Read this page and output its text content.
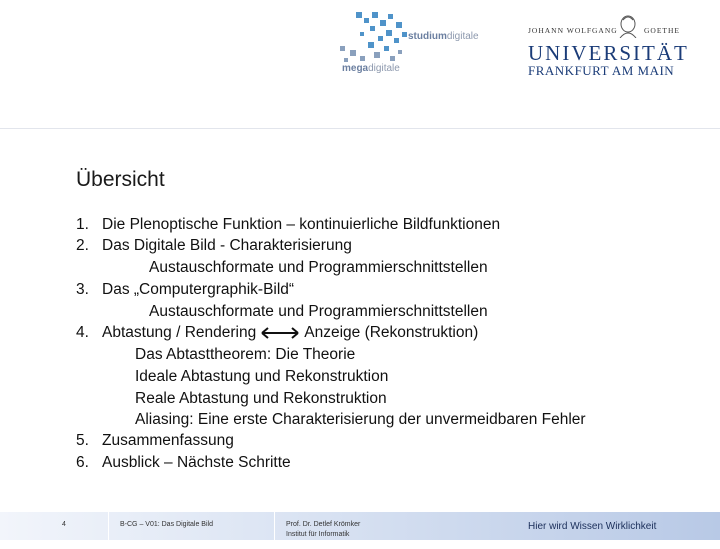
studiumdigitale
megadigitale
JOHANN WOLFGANG	GOETHE
UNIVERSITÄT
FRANKFURT AM MAIN
Übersicht
1. Die Plenoptische Funktion – kontinuierliche Bildfunktionen
2. Das Digitale Bild - Charakterisierung
Austauschformate und Programmierschnittstellen
3. Das „Computergraphik-Bild“
Austauschformate und Programmierschnittstellen
4. Abtastung / Rendering	Anzeige (Rekonstruktion)
Das Abtasttheorem: Die Theorie
Ideale Abtastung und Rekonstruktion
Reale Abtastung und Rekonstruktion
Aliasing: Eine erste Charakterisierung der unvermeidbaren Fehler
5. Zusammenfassung
6. Ausblick – Nächste Schritte
4	B-CG – V01: Das Digitale Bild	Prof. Dr. Detlef Krömker
Institut für Informatik
Hier wird Wissen Wirklichkeit
